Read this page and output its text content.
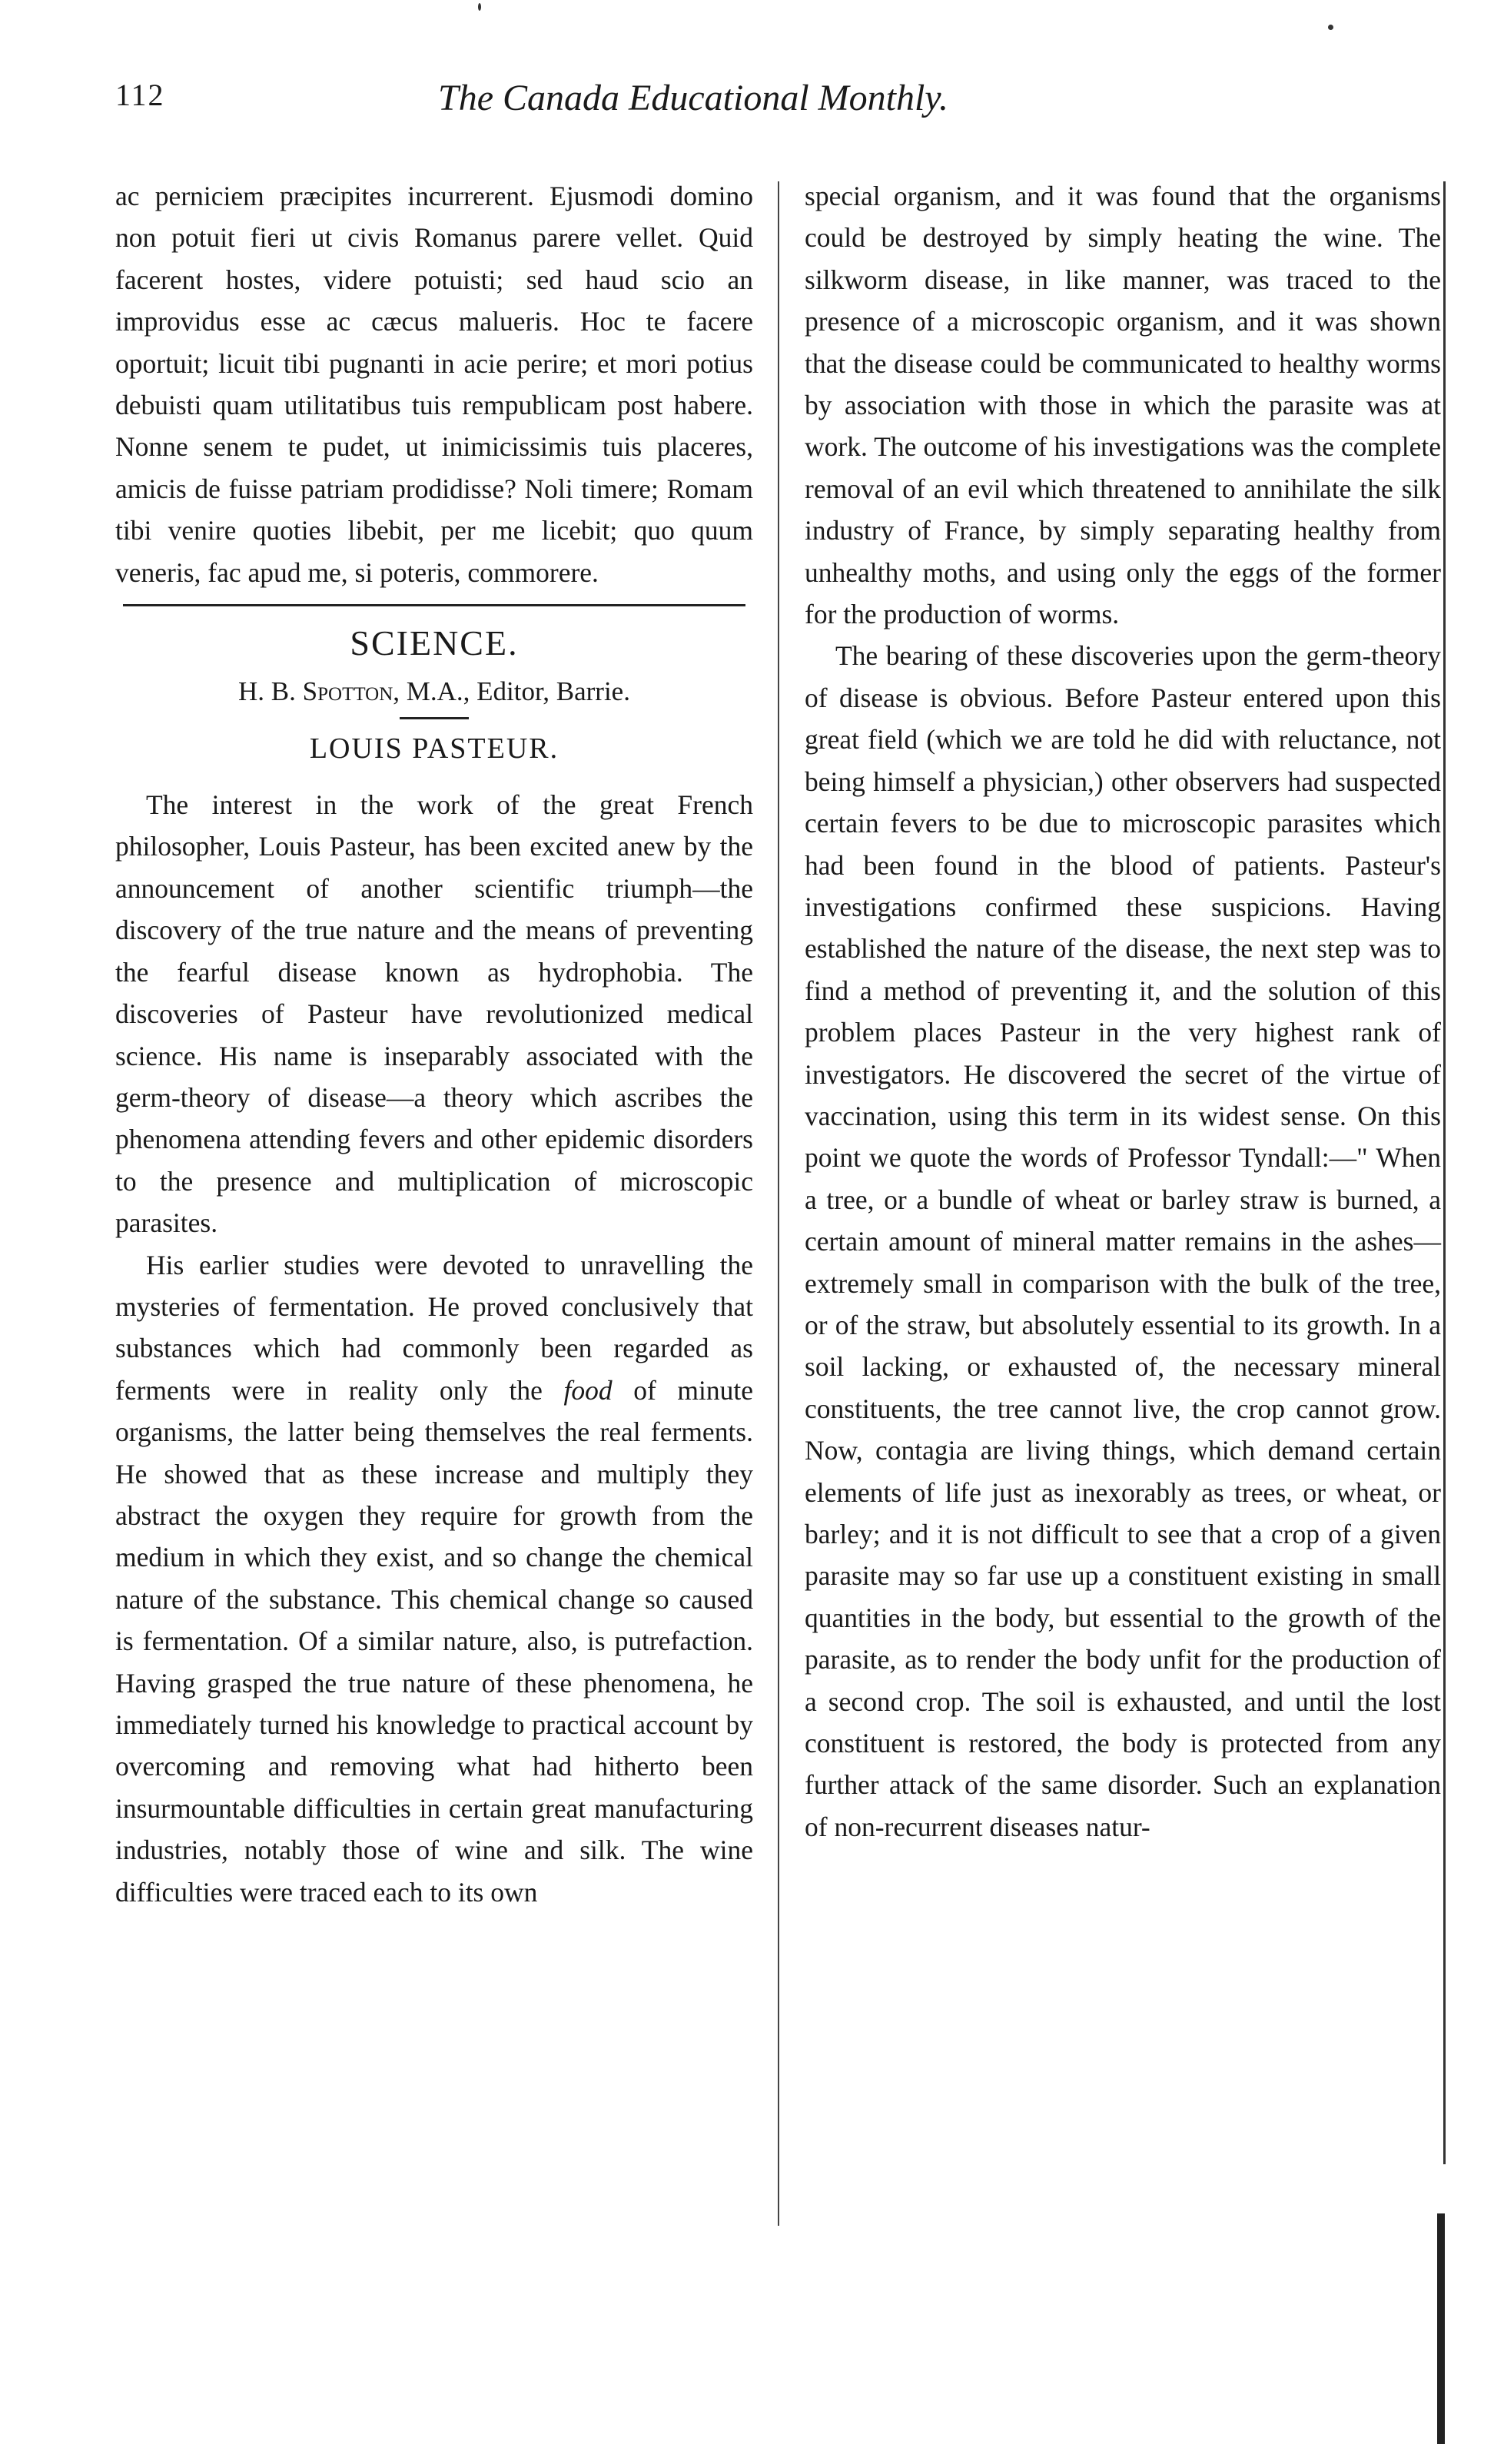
112	The Canada Educational Monthly.

ac perniciem præcipites incurrerent. Ejusmodi domino non potuit fieri ut civis Romanus parere vellet. Quid facerent hostes, videre potuisti; sed haud scio an improvidus esse ac cæcus malueris. Hoc te facere oportuit; licuit tibi pugnanti in acie perire; et mori potius debuisti quam utilitatibus tuis rempublicam post habere. Nonne senem te pudet, ut inimicissimis tuis placeres, amicis de fuisse patriam prodidisse? Noli timere; Romam tibi venire quoties libebit, per me licebit; quo quum veneris, fac apud me, si poteris, commorere.

SCIENCE.

H. B. Spotton, M.A., Editor, Barrie.

LOUIS PASTEUR.

The interest in the work of the great French philosopher, Louis Pasteur, has been excited anew by the announcement of another scientific triumph—the discovery of the true nature and the means of preventing the fearful disease known as hydrophobia. The discoveries of Pasteur have revolutionized medical science. His name is inseparably associated with the germ-theory of disease—a theory which ascribes the phenomena attending fevers and other epidemic disorders to the presence and multiplication of microscopic parasites.

His earlier studies were devoted to unravelling the mysteries of fermentation. He proved conclusively that substances which had commonly been regarded as ferments were in reality only the food of minute organisms, the latter being themselves the real ferments. He showed that as these increase and multiply they abstract the oxygen they require for growth from the medium in which they exist, and so change the chemical nature of the substance. This chemical change so caused is fermentation. Of a similar nature, also, is putrefaction. Having grasped the true nature of these phenomena, he immediately turned his knowledge to practical account by overcoming and removing what had hitherto been insurmountable difficulties in certain great manufacturing industries, notably those of wine and silk. The wine difficulties were traced each to its own

special organism, and it was found that the organisms could be destroyed by simply heating the wine. The silkworm disease, in like manner, was traced to the presence of a microscopic organism, and it was shown that the disease could be communicated to healthy worms by association with those in which the parasite was at work. The outcome of his investigations was the complete removal of an evil which threatened to annihilate the silk industry of France, by simply separating healthy from unhealthy moths, and using only the eggs of the former for the production of worms.

The bearing of these discoveries upon the germ-theory of disease is obvious. Before Pasteur entered upon this great field (which we are told he did with reluctance, not being himself a physician,) other observers had suspected certain fevers to be due to microscopic parasites which had been found in the blood of patients. Pasteur's investigations confirmed these suspicions. Having established the nature of the disease, the next step was to find a method of preventing it, and the solution of this problem places Pasteur in the very highest rank of investigators. He discovered the secret of the virtue of vaccination, using this term in its widest sense. On this point we quote the words of Professor Tyndall:—" When a tree, or a bundle of wheat or barley straw is burned, a certain amount of mineral matter remains in the ashes—extremely small in comparison with the bulk of the tree, or of the straw, but absolutely essential to its growth. In a soil lacking, or exhausted of, the necessary mineral constituents, the tree cannot live, the crop cannot grow. Now, contagia are living things, which demand certain elements of life just as inexorably as trees, or wheat, or barley; and it is not difficult to see that a crop of a given parasite may so far use up a constituent existing in small quantities in the body, but essential to the growth of the parasite, as to render the body unfit for the production of a second crop. The soil is exhausted, and until the lost constituent is restored, the body is protected from any further attack of the same disorder. Such an explanation of non-recurrent diseases natur-
